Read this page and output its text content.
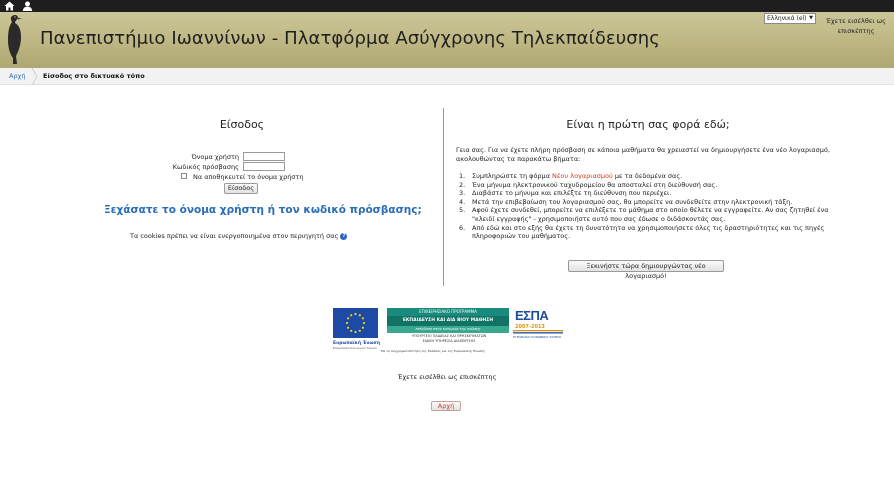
Πανεπιστήμιο Ιωαννίνων - Πλατφόρμα Ασύγχρονης Τηλεκπαίδευσης
Ελληνικά (el) ▼	Έχετε εισέλθει ως επισκέπτης
Αρχή	Είσοδος στο δικτυακό τόπο
Είσοδος
Όνομα χρήστη
Κωδικός πρόσβασης
Να αποθηκευτεί το όνομα χρήστη
Είσοδος
Ξεχάσατε το όνομα χρήστη ή τον κωδικό πρόσβασης;
Τα cookies πρέπει να είναι ενεργοποιημένα στον περιηγητή σας ?
Είναι η πρώτη σας φορά εδώ;
Γεια σας. Για να έχετε πλήρη πρόσβαση σε κάποια μαθήματα θα χρειαστεί να δημιουργήσετε ένα νέο λογαριασμό, ακολουθώντας τα παρακάτω βήματα:
1. Συμπληρώστε τη φόρμα Νέου λογαριασμού με τα δεδομένα σας.
2. Ένα μήνυμα ηλεκτρονικού ταχυδρομείου θα αποσταλεί στη διεύθυνσή σας.
3. Διαβάστε το μήνυμα και επιλέξτε τη διεύθυνση που περιέχει.
4. Μετά την επιβεβαίωση του λογαριασμού σας, θα μπορείτε να συνδεθείτε στην ηλεκτρονική τάξη.
5. Αφού έχετε συνδεθεί, μπορείτε να επιλέξετε το μάθημα στο οποίο θέλετε να εγγραφείτε. Αν σας ζητηθεί ένα "κλειδί εγγραφής" - χρησιμοποιήστε αυτό που σας έδωσε ο διδάσκοντάς σας.
6. Από εδώ και στο εξής θα έχετε τη δυνατότητα να χρησιμοποιήσετε όλες τις δραστηριότητες και τις πηγές πληροφοριών του μαθήματος.
Ξεκινήστε τώρα δημιουργώντας νέο λογαριασμό!
Ευρωπαϊκή Ένωση
Ευρωπαϊκό Κοινωνικό Ταμείο
ΕΠΙΧΕΙΡΗΣΙΑΚΟ ΠΡΟΓΡΑΜΜΑ
ΕΚΠΑΙΔΕΥΣΗ ΚΑΙ ΔΙΑ ΒΙΟΥ ΜΑΘΗΣΗ
επένδυση στην κοινωνία της γνώσης
ΥΠΟΥΡΓΕΙΟ ΠΑΙΔΕΙΑΣ ΚΑΙ ΘΡΗΣΚΕΥΜΑΤΩΝ
ΕΙΔΙΚΗ ΥΠΗΡΕΣΙΑ ΔΙΑΧΕΙΡΙΣΗΣ
Με τη συγχρηματοδότηση της Ελλάδας και της Ευρωπαϊκής Ένωσης
ΕΣΠΑ
2007-2013
ΕΥΡΩΠΑΪΚΟ ΚΟΙΝΩΝΙΚΟ ΤΑΜΕΙΟ
Έχετε εισέλθει ως επισκέπτης
Αρχή
